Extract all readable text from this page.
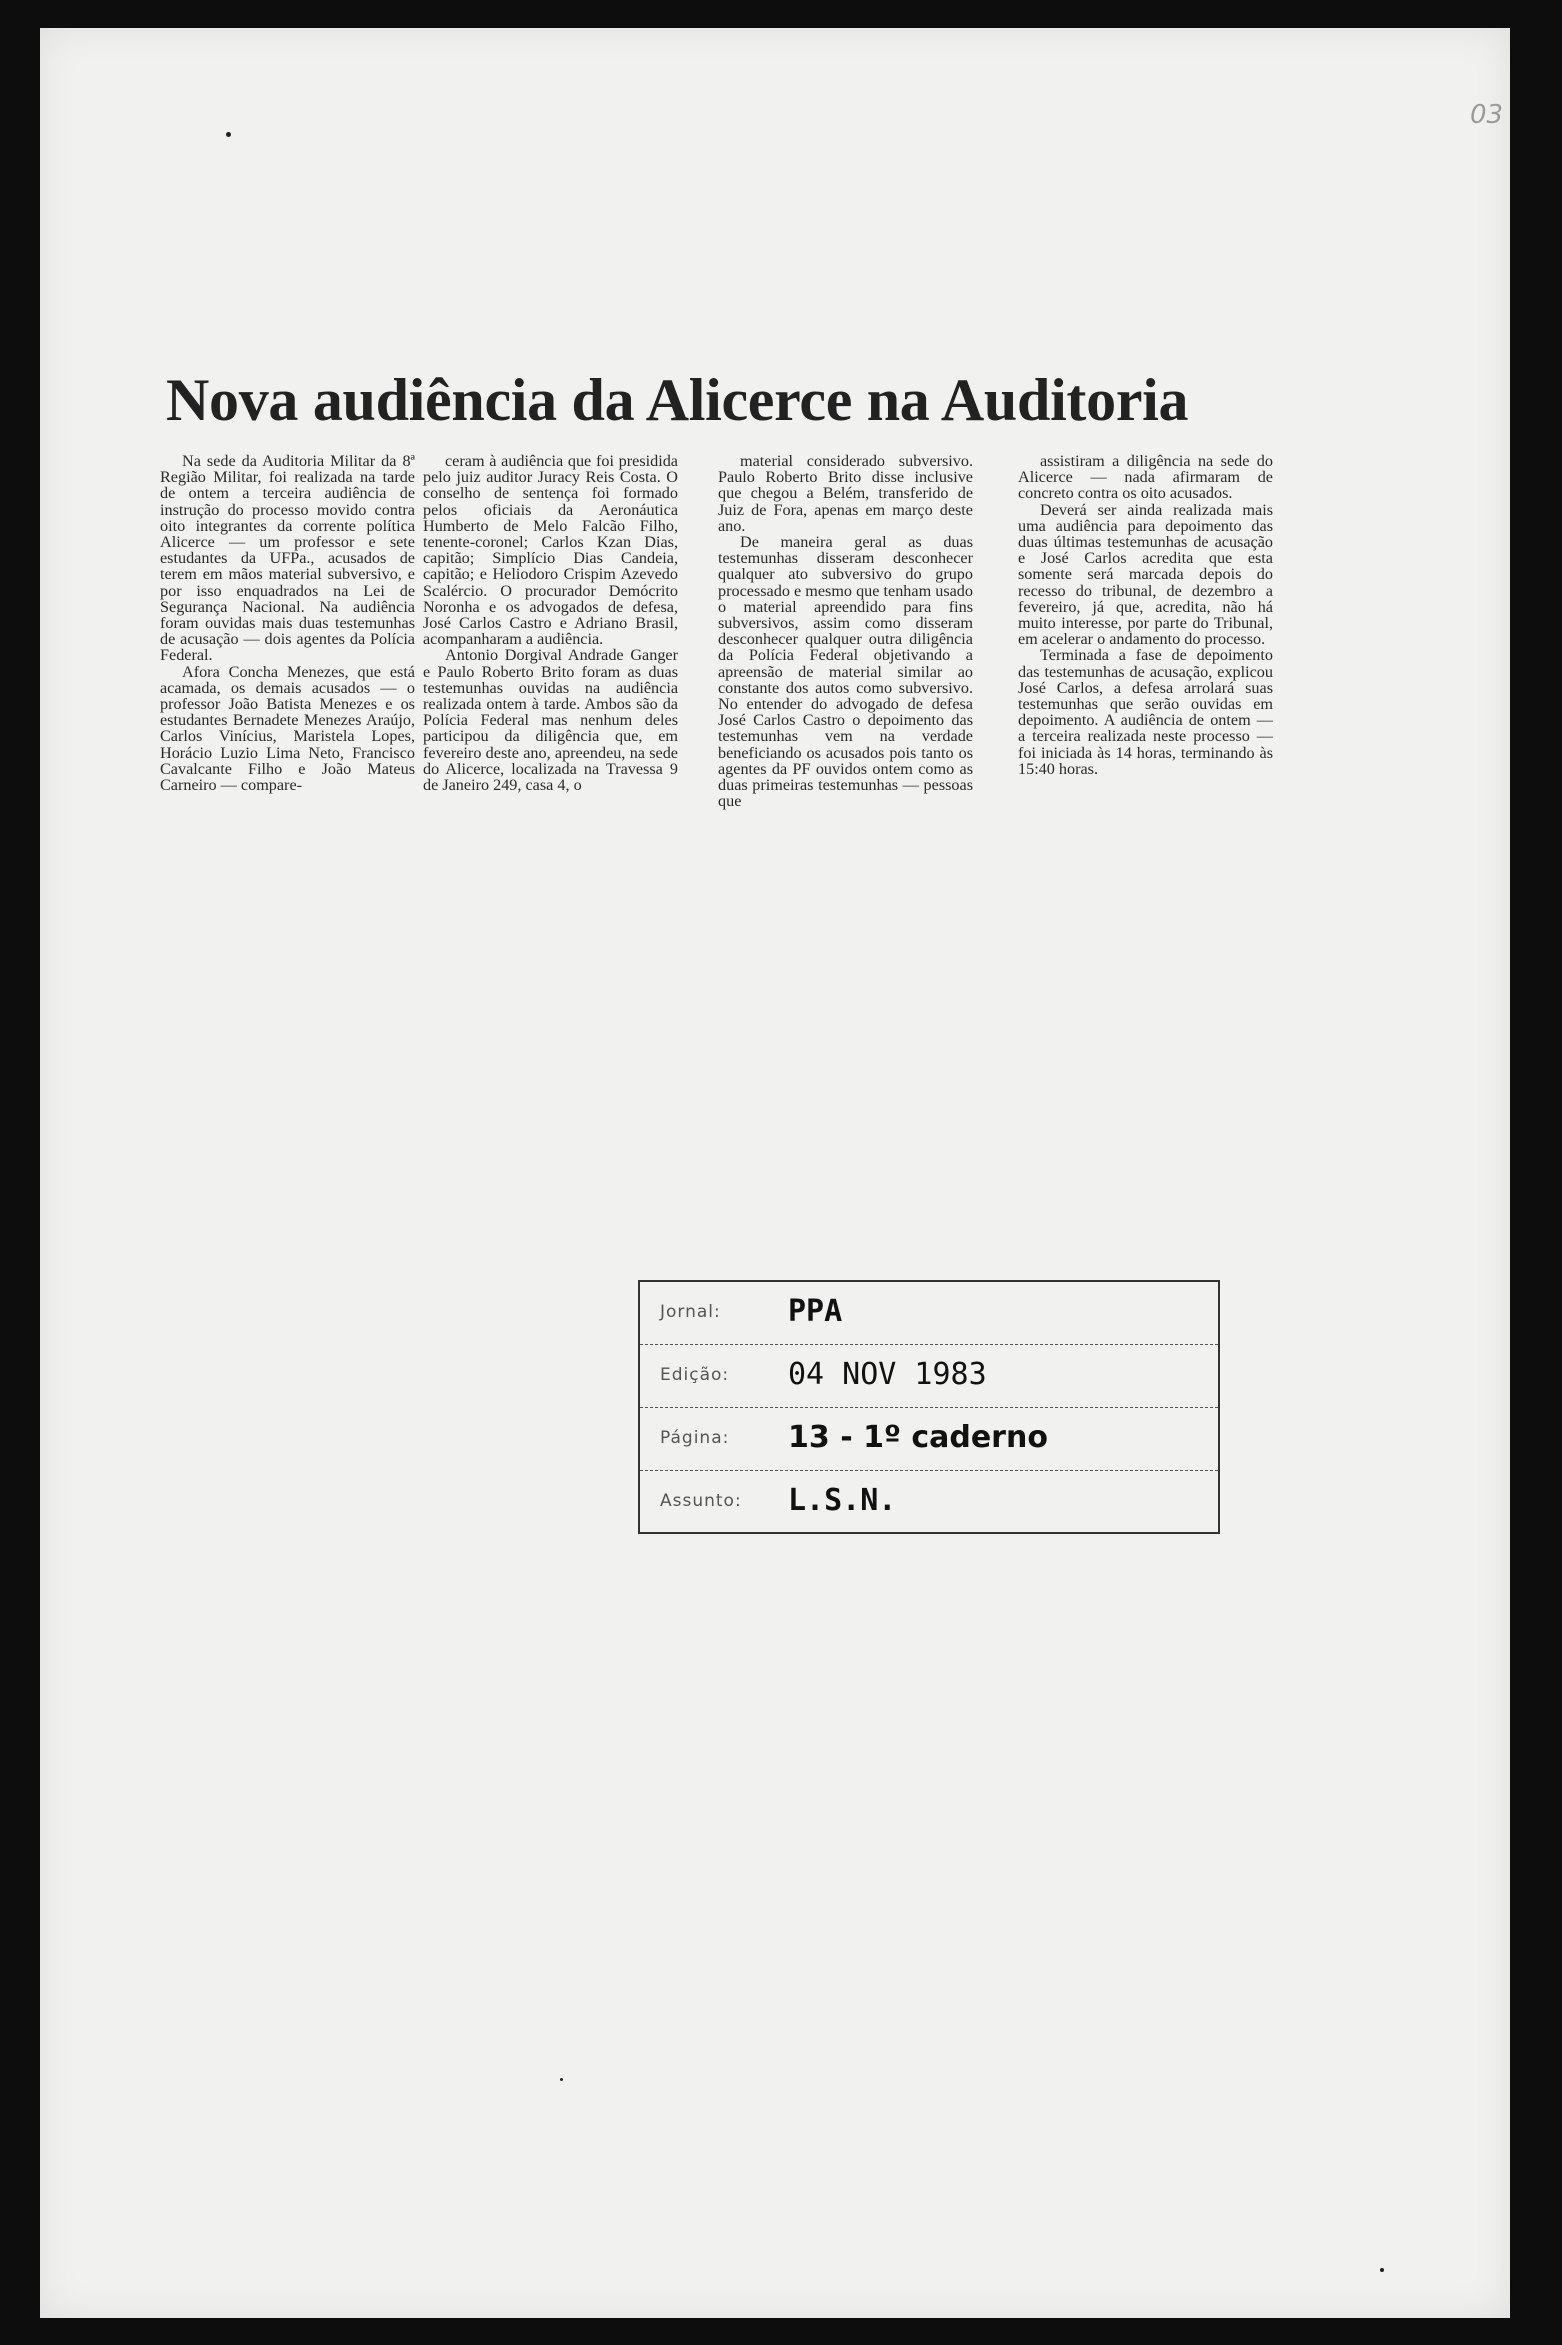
03
Nova audiência da Alicerce na Auditoria

Na sede da Auditoria Militar da 8ª Região Militar, foi realizada na tarde de ontem a terceira audiência de instrução do processo movido contra oito integrantes da corrente política Alicerce — um professor e sete estudantes da UFPa., acusados de terem em mãos material subversivo, e por isso enquadrados na Lei de Segurança Nacional. Na audiência foram ouvidas mais duas testemunhas de acusação — dois agentes da Polícia Federal.

Afora Concha Menezes, que está acamada, os demais acusados — o professor João Batista Menezes e os estudantes Bernadete Menezes Araújo, Carlos Vinícius, Maristela Lopes, Horácio Luzio Lima Neto, Francisco Cavalcante Filho e João Mateus Carneiro — compare-

ceram à audiência que foi presidida pelo juiz auditor Juracy Reis Costa. O conselho de sentença foi formado pelos oficiais da Aeronáutica Humberto de Melo Falcão Filho, tenente-coronel; Carlos Kzan Dias, capitão; Simplício Dias Candeia, capitão; e Heliodoro Crispim Azevedo Scalércio. O procurador Demócrito Noronha e os advogados de defesa, José Carlos Castro e Adriano Brasil, acompanharam a audiência.

Antonio Dorgival Andrade Ganger e Paulo Roberto Brito foram as duas testemunhas ouvidas na audiência realizada ontem à tarde. Ambos são da Polícia Federal mas nenhum deles participou da diligência que, em fevereiro deste ano, apreendeu, na sede do Alicerce, localizada na Travessa 9 de Janeiro 249, casa 4, o

material considerado subversivo. Paulo Roberto Brito disse inclusive que chegou a Belém, transferido de Juiz de Fora, apenas em março deste ano.

De maneira geral as duas testemunhas disseram desconhecer qualquer ato subversivo do grupo processado e mesmo que tenham usado o material apreendido para fins subversivos, assim como disseram desconhecer qualquer outra diligência da Polícia Federal objetivando a apreensão de material similar ao constante dos autos como subversivo. No entender do advogado de defesa José Carlos Castro o depoimento das testemunhas vem na verdade beneficiando os acusados pois tanto os agentes da PF ouvidos ontem como as duas primeiras testemunhas — pessoas que

assistiram a diligência na sede do Alicerce — nada afirmaram de concreto contra os oito acusados.

Deverá ser ainda realizada mais uma audiência para depoimento das duas últimas testemunhas de acusação e José Carlos acredita que esta somente será marcada depois do recesso do tribunal, de dezembro a fevereiro, já que, acredita, não há muito interesse, por parte do Tribunal, em acelerar o andamento do processo.

Terminada a fase de depoimento das testemunhas de acusação, explicou José Carlos, a defesa arrolará suas testemunhas que serão ouvidas em depoimento. A audiência de ontem — a terceira realizada neste processo — foi iniciada às 14 horas, terminando às 15:40 horas.

Jornal: PPA
Edição: 04 NOV 1983
Página: 13 - 1º caderno
Assunto: L.S.N.
